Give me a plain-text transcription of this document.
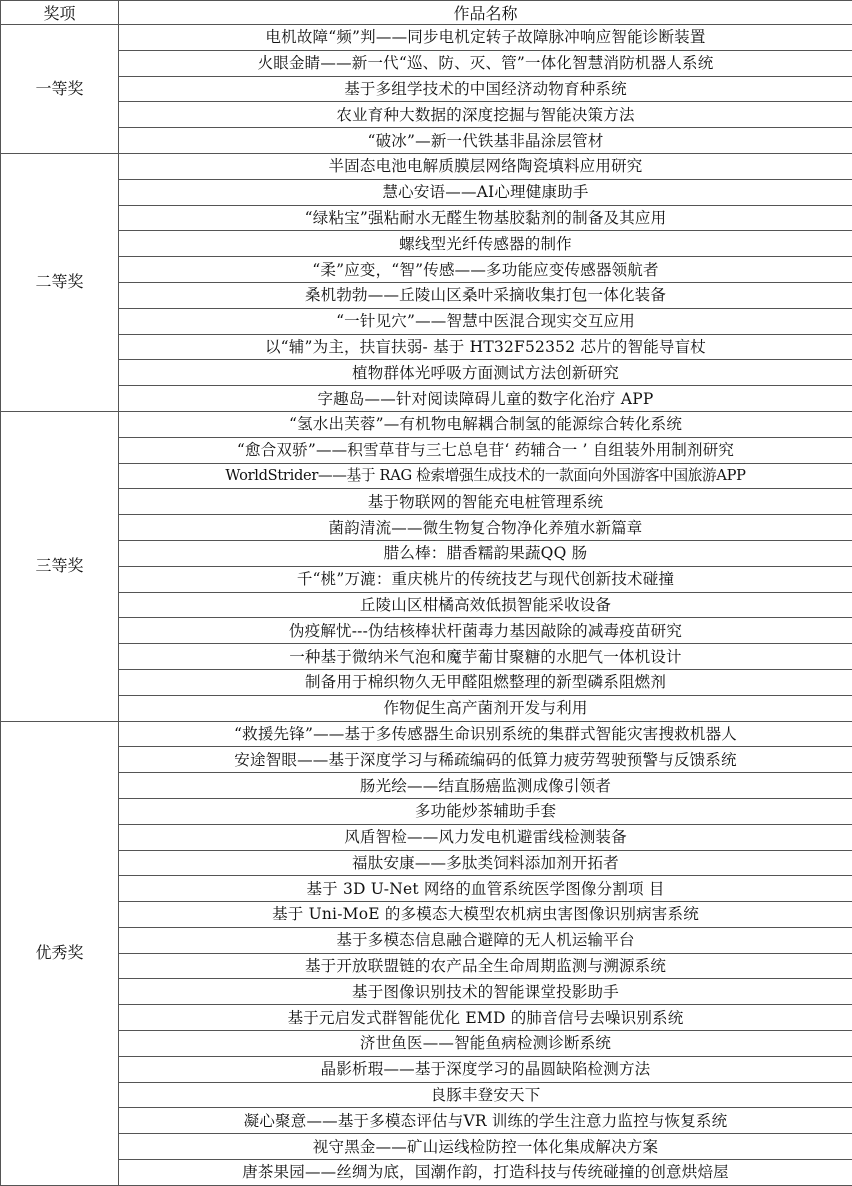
奖项	作品名称
一等奖	电机故障“频”判——同步电机定转子故障脉冲响应智能诊断装置
	火眼金睛——新一代“巡、防、灭、管”一体化智慧消防机器人系统
	基于多组学技术的中国经济动物育种系统
	农业育种大数据的深度挖掘与智能决策方法
	“破冰”—新一代铁基非晶涂层管材
二等奖	半固态电池电解质膜层网络陶瓷填料应用研究
	慧心安语——AI心理健康助手
	“绿粘宝”强粘耐水无醛生物基胶黏剂的制备及其应用
	螺线型光纤传感器的制作
	“柔”应变，“智”传感——多功能应变传感器领航者
	桑机勃勃——丘陵山区桑叶采摘收集打包一体化装备
	“一针见穴”——智慧中医混合现实交互应用
	以“辅”为主，扶盲扶弱- 基于 HT32F52352 芯片的智能导盲杖
	植物群体光呼吸方面测试方法创新研究
	字趣岛——针对阅读障碍儿童的数字化治疗 APP
三等奖	“氢水出芙蓉”—有机物电解耦合制氢的能源综合转化系统
	“愈合双骄”——积雪草苷与三七总皂苷‘ 药辅合一 ’ 自组装外用制剂研究
	WorldStrider——基于 RAG 检索增强生成技术的一款面向外国游客中国旅游APP
	基于物联网的智能充电桩管理系统
	菌韵清流——微生物复合物净化养殖水新篇章
	腊么棒：腊香糯韵果蔬QQ 肠
	千“桃”万漉：重庆桃片的传统技艺与现代创新技术碰撞
	丘陵山区柑橘高效低损智能采收设备
	伪疫解忧---伪结核棒状杆菌毒力基因敲除的减毒疫苗研究
	一种基于微纳米气泡和魔芋葡甘聚糖的水肥气一体机设计
	制备用于棉织物久无甲醛阻燃整理的新型磷系阻燃剂
	作物促生高产菌剂开发与利用
优秀奖	“救援先锋”——基于多传感器生命识别系统的集群式智能灾害搜救机器人
	安途智眼——基于深度学习与稀疏编码的低算力疲劳驾驶预警与反馈系统
	肠光绘——结直肠癌监测成像引领者
	多功能炒茶辅助手套
	风盾智检——风力发电机避雷线检测装备
	福肽安康——多肽类饲料添加剂开拓者
	基于 3D U-Net 网络的血管系统医学图像分割项 目
	基于 Uni-MoE 的多模态大模型农机病虫害图像识别病害系统
	基于多模态信息融合避障的无人机运输平台
	基于开放联盟链的农产品全生命周期监测与溯源系统
	基于图像识别技术的智能课堂投影助手
	基于元启发式群智能优化 EMD 的肺音信号去噪识别系统
	济世鱼医——智能鱼病检测诊断系统
	晶影析瑕——基于深度学习的晶圆缺陷检测方法
	良豚丰登安天下
	凝心聚意——基于多模态评估与VR 训练的学生注意力监控与恢复系统
	视守黑金——矿山运线检防控一体化集成解决方案
	唐茶果园——丝绸为底，国潮作韵，打造科技与传统碰撞的创意烘焙屋
